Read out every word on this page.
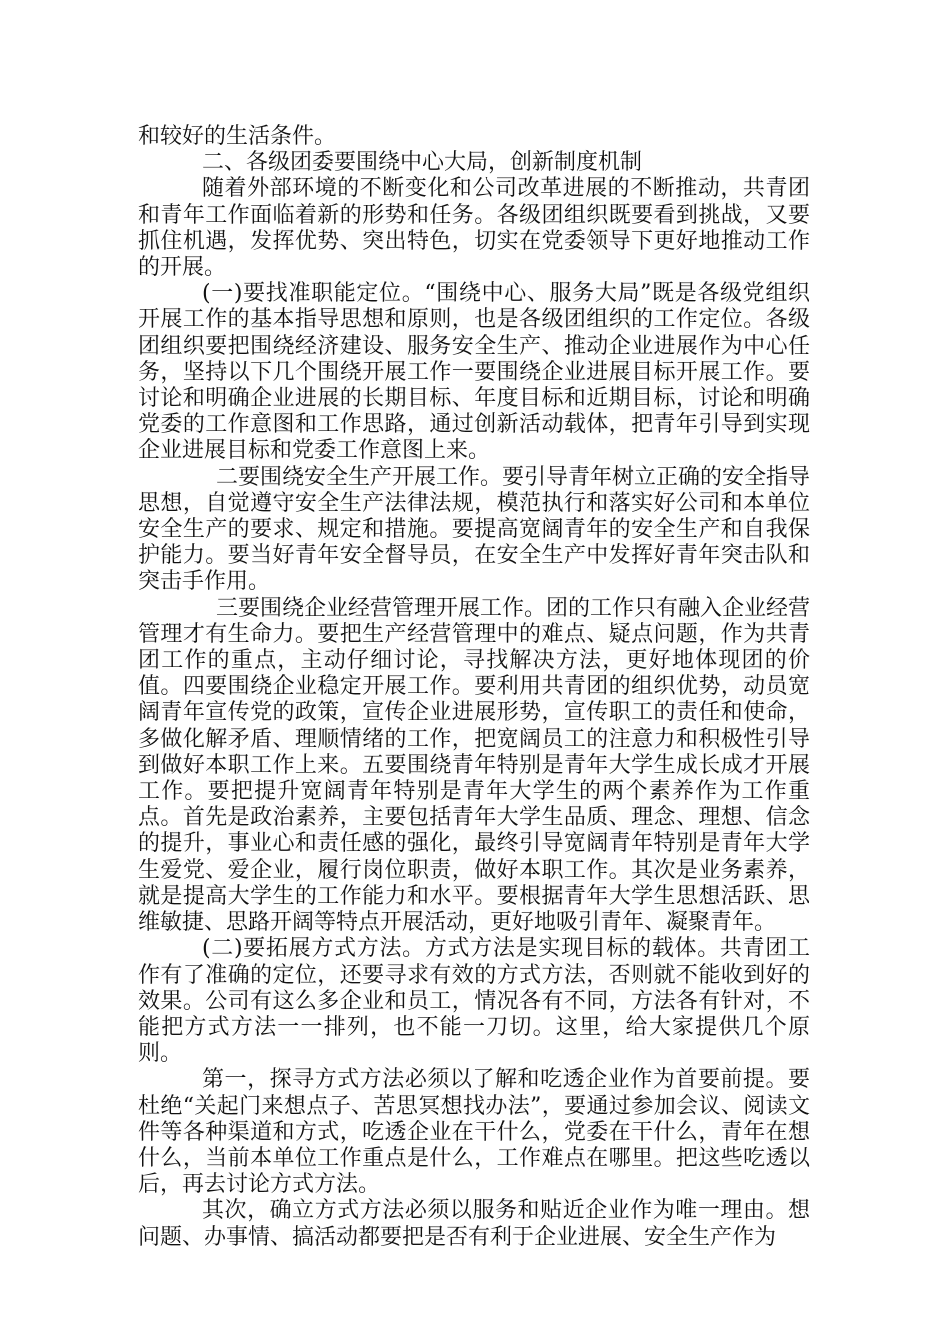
和较好的生活条件。

二、各级团委要围绕中心大局，创新制度机制

随着外部环境的不断变化和公司改革进展的不断推动，共青团和青年工作面临着新的形势和任务。各级团组织既要看到挑战，又要抓住机遇，发挥优势、突出特色，切实在党委领导下更好地推动工作的开展。

(一)要找准职能定位。“围绕中心、服务大局”既是各级党组织开展工作的基本指导思想和原则，也是各级团组织的工作定位。各级团组织要把围绕经济建设、服务安全生产、推动企业进展作为中心任务，坚持以下几个围绕开展工作一要围绕企业进展目标开展工作。要讨论和明确企业进展的长期目标、年度目标和近期目标，讨论和明确党委的工作意图和工作思路，通过创新活动载体，把青年引导到实现企业进展目标和党委工作意图上来。

二要围绕安全生产开展工作。要引导青年树立正确的安全指导思想，自觉遵守安全生产法律法规，模范执行和落实好公司和本单位安全生产的要求、规定和措施。要提高宽阔青年的安全生产和自我保护能力。要当好青年安全督导员，在安全生产中发挥好青年突击队和突击手作用。

三要围绕企业经营管理开展工作。团的工作只有融入企业经营管理才有生命力。要把生产经营管理中的难点、疑点问题，作为共青团工作的重点，主动仔细讨论，寻找解决方法，更好地体现团的价值。四要围绕企业稳定开展工作。要利用共青团的组织优势，动员宽阔青年宣传党的政策，宣传企业进展形势，宣传职工的责任和使命，多做化解矛盾、理顺情绪的工作，把宽阔员工的注意力和积极性引导到做好本职工作上来。五要围绕青年特别是青年大学生成长成才开展工作。要把提升宽阔青年特别是青年大学生的两个素养作为工作重点。首先是政治素养，主要包括青年大学生品质、理念、理想、信念的提升，事业心和责任感的强化，最终引导宽阔青年特别是青年大学生爱党、爱企业，履行岗位职责，做好本职工作。其次是业务素养，就是提高大学生的工作能力和水平。要根据青年大学生思想活跃、思维敏捷、思路开阔等特点开展活动，更好地吸引青年、凝聚青年。

(二)要拓展方式方法。方式方法是实现目标的载体。共青团工作有了准确的定位，还要寻求有效的方式方法，否则就不能收到好的效果。公司有这么多企业和员工，情况各有不同，方法各有针对，不能把方式方法一一排列，也不能一刀切。这里，给大家提供几个原则。

第一，探寻方式方法必须以了解和吃透企业作为首要前提。要杜绝“关起门来想点子、苦思冥想找办法”，要通过参加会议、阅读文件等各种渠道和方式，吃透企业在干什么，党委在干什么，青年在想什么，当前本单位工作重点是什么，工作难点在哪里。把这些吃透以后，再去讨论方式方法。

其次，确立方式方法必须以服务和贴近企业作为唯一理由。想问题、办事情、搞活动都要把是否有利于企业进展、安全生产作为
